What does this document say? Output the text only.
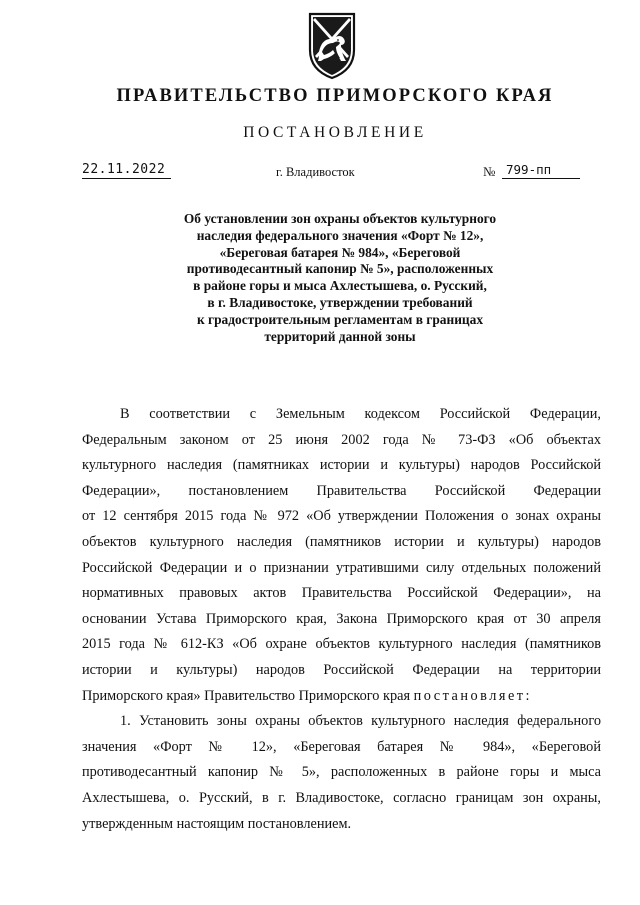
ПРАВИТЕЛЬСТВО ПРИМОРСКОГО КРАЯ
ПОСТАНОВЛЕНИЕ
22.11.2022	г. Владивосток	№ 799-пп
Об установлении зон охраны объектов культурного
наследия федерального значения «Форт № 12»,
«Береговая батарея № 984», «Береговой
противодесантный капонир № 5», расположенных
в районе горы и мыса Ахлестышева, о. Русский,
в г. Владивостоке, утверждении требований
к градостроительным регламентам в границах
территорий данной зоны
В соответствии с Земельным кодексом Российской Федерации,
Федеральным законом от 25 июня 2002 года № 73-ФЗ «Об объектах
культурного наследия (памятниках истории и культуры) народов Российской
Федерации», постановлением Правительства Российской Федерации
от 12 сентября 2015 года № 972 «Об утверждении Положения о зонах охраны
объектов культурного наследия (памятников истории и культуры) народов
Российской Федерации и о признании утратившими силу отдельных положений
нормативных правовых актов Правительства Российской Федерации», на
основании Устава Приморского края, Закона Приморского края от 30 апреля
2015 года № 612-КЗ «Об охране объектов культурного наследия (памятников
истории и культуры) народов Российской Федерации на территории
Приморского края» Правительство Приморского края постановляет:
1. Установить зоны охраны объектов культурного наследия федерального
значения «Форт № 12», «Береговая батарея № 984», «Береговой
противодесантный капонир № 5», расположенных в районе горы и мыса
Ахлестышева, о. Русский, в г. Владивостоке, согласно границам зон охраны,
утвержденным настоящим постановлением.
